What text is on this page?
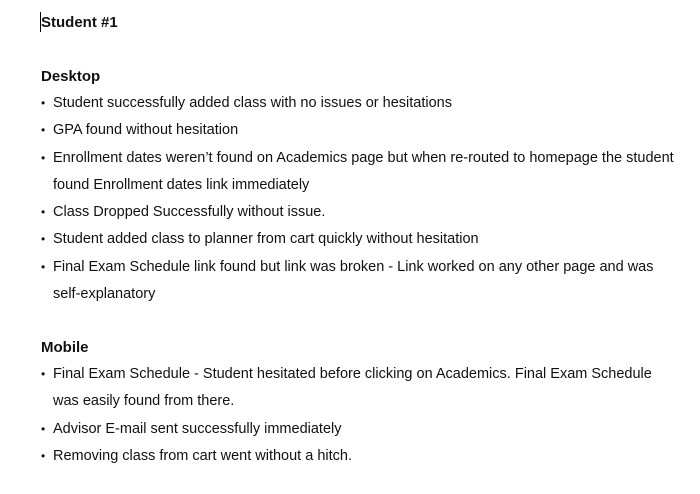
Student #1
Desktop
• Student successfully added class with no issues or hesitations
• GPA found without hesitation
• Enrollment dates weren’t found on Academics page but when re-routed to homepage the student found Enrollment dates link immediately
• Class Dropped Successfully without issue.
• Student added class to planner from cart quickly without hesitation
• Final Exam Schedule link found but link was broken - Link worked on any other page and was self-explanatory
Mobile
• Final Exam Schedule - Student hesitated before clicking on Academics. Final Exam Schedule was easily found from there.
• Advisor E-mail sent successfully immediately
• Removing class from cart went without a hitch.
